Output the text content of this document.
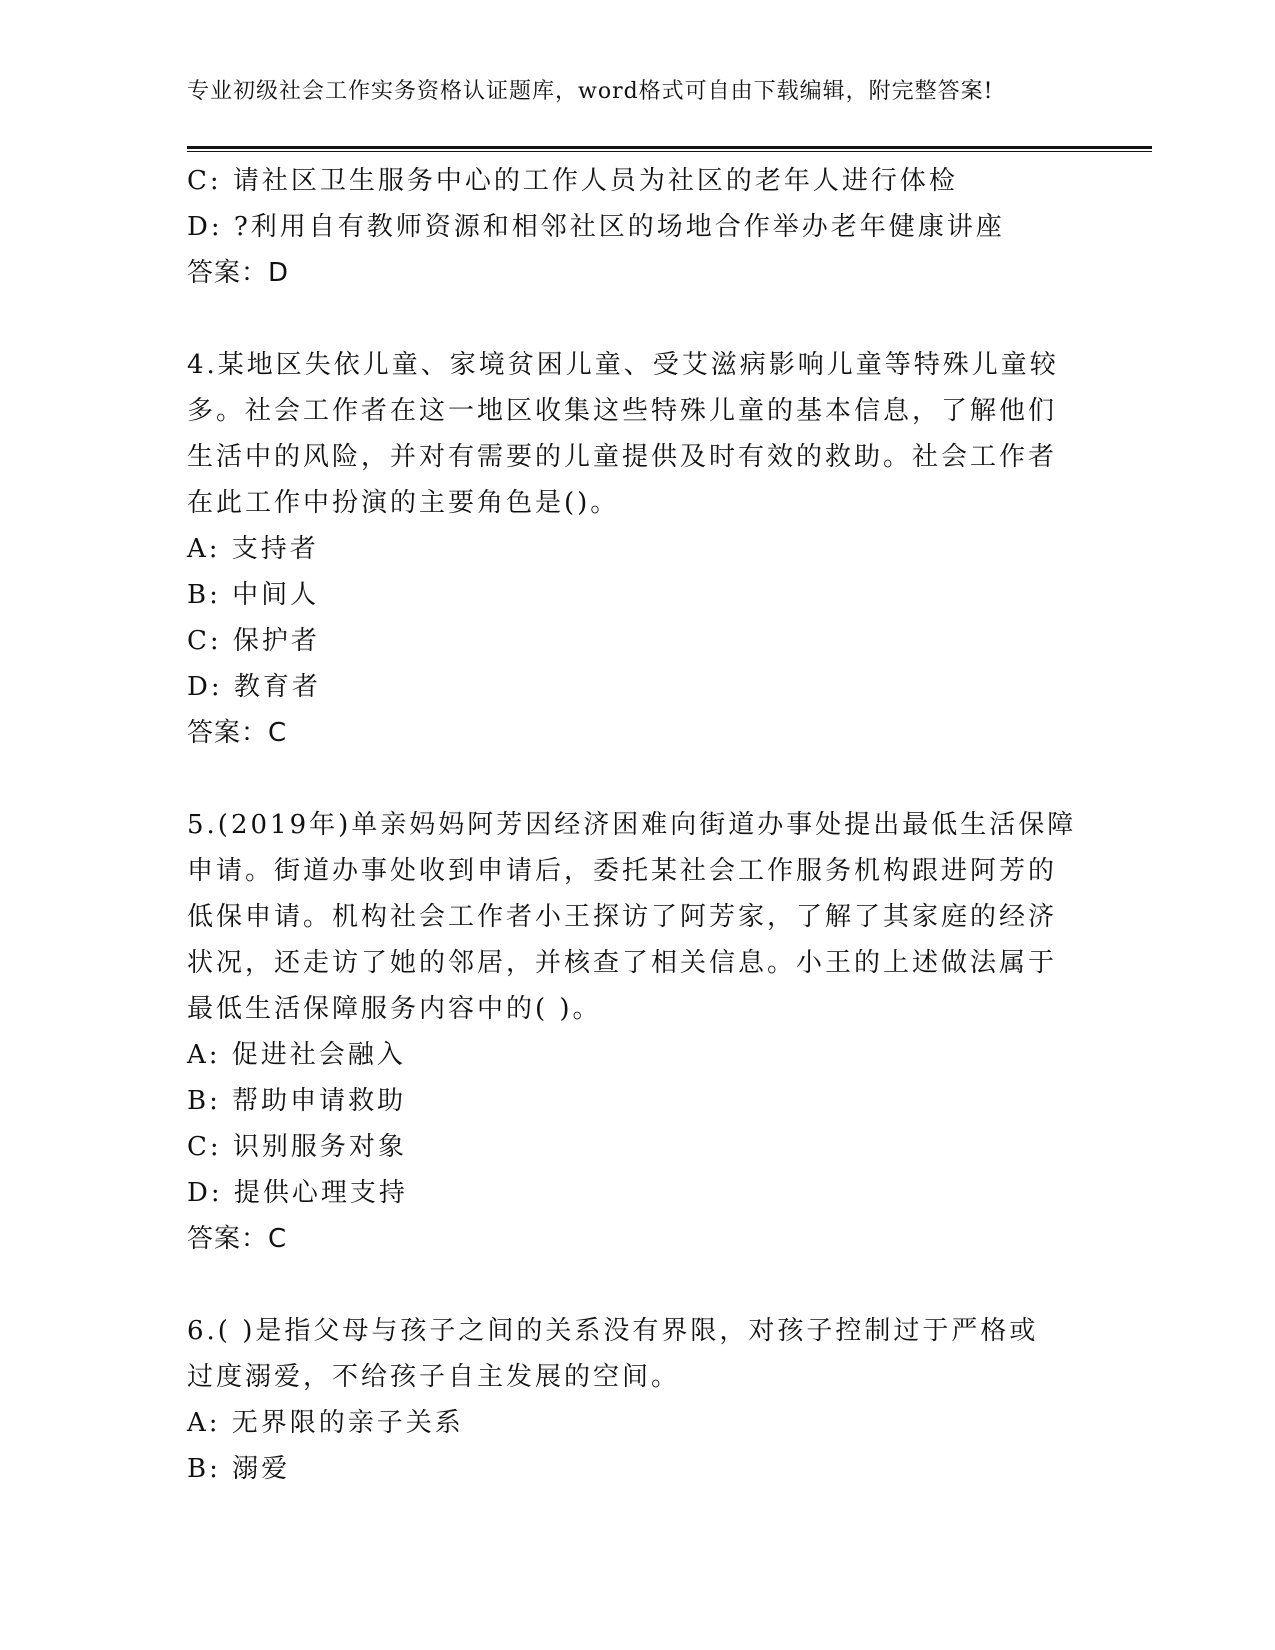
专业初级社会工作实务资格认证题库，word格式可自由下载编辑，附完整答案!
C: 请社区卫生服务中心的工作人员为社区的老年人进行体检
D: ?利用自有教师资源和相邻社区的场地合作举办老年健康讲座
答案：D
4.某地区失依儿童、家境贫困儿童、受艾滋病影响儿童等特殊儿童较
多。社会工作者在这一地区收集这些特殊儿童的基本信息，了解他们
生活中的风险，并对有需要的儿童提供及时有效的救助。社会工作者
在此工作中扮演的主要角色是()。
A: 支持者
B: 中间人
C: 保护者
D: 教育者
答案：C
5.(2019年)单亲妈妈阿芳因经济困难向街道办事处提出最低生活保障
申请。街道办事处收到申请后，委托某社会工作服务机构跟进阿芳的
低保申请。机构社会工作者小王探访了阿芳家，了解了其家庭的经济
状况，还走访了她的邻居，并核查了相关信息。小王的上述做法属于
最低生活保障服务内容中的( )。
A: 促进社会融入
B: 帮助申请救助
C: 识别服务对象
D: 提供心理支持
答案：C
6.( )是指父母与孩子之间的关系没有界限，对孩子控制过于严格或
过度溺爱，不给孩子自主发展的空间。
A: 无界限的亲子关系
B: 溺爱
